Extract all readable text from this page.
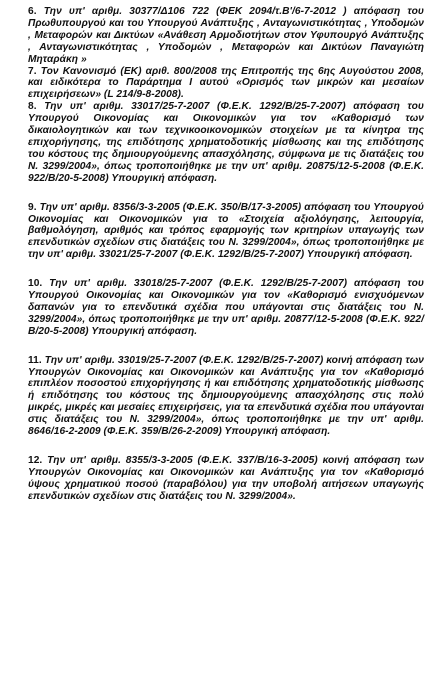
6. Την υπ' αριθμ. 30377/Δ106 722 (ΦΕΚ 2094/τ.Β'/6-7-2012 ) απόφαση του Πρωθυπουργού και του Υπουργού Ανάπτυξης , Ανταγωνιστικότητας , Υποδομών , Μεταφορών και Δικτύων «Ανάθεση Αρμοδιοτήτων στον Υφυπουργό Ανάπτυξης , Ανταγωνιστικότητας , Υποδομών , Μεταφορών και Δικτύων Παναγιώτη Μηταράκη »

7. Τον Κανονισμό (ΕΚ) αριθ. 800/2008 της Επιτροπής της 6ης Αυγούστου 2008, και ειδικότερα το Παράρτημα Ι αυτού «Ορισμός των μικρών και μεσαίων επιχειρήσεων» (L 214/9-8-2008).

8. Την υπ' αριθμ. 33017/25-7-2007 (Φ.Ε.Κ. 1292/Β/25-7-2007) απόφαση του Υπουργού Οικονομίας και Οικονομικών για τον «Καθορισμό των δικαιολογητικών και των τεχνικοοικονομικών στοιχείων με τα κίνητρα της επιχορήγησης, της επιδότησης χρηματοδοτικής μίσθωσης και της επιδότησης του κόστους της δημιουργούμενης απασχόλησης, σύμφωνα με τις διατάξεις του Ν. 3299/2004», όπως τροποποιήθηκε με την υπ' αριθμ. 20875/12-5-2008 (Φ.Ε.Κ. 922/Β/20-5-2008) Υπουργική απόφαση.

9. Την υπ' αριθμ. 8356/3-3-2005 (Φ.Ε.Κ. 350/Β/17-3-2005) απόφαση του Υπουργού Οικονομίας και Οικονομικών για το «Στοιχεία αξιολόγησης, λειτουργία, βαθμολόγηση, αριθμός και τρόπος εφαρμογής των κριτηρίων υπαγωγής των επενδυτικών σχεδίων στις διατάξεις του Ν. 3299/2004», όπως τροποποιήθηκε με την υπ' αριθμ. 33021/25-7-2007 (Φ.Ε.Κ. 1292/Β/25-7-2007) Υπουργική απόφαση.

10. Την υπ' αριθμ. 33018/25-7-2007 (Φ.Ε.Κ. 1292/Β/25-7-2007) απόφαση του Υπουργού Οικονομίας και Οικονομικών για τον «Καθορισμό ενισχυόμενων δαπανών για το επενδυτικά σχέδια που υπάγονται στις διατάξεις του Ν. 3299/2004», όπως τροποποιήθηκε με την υπ' αριθμ. 20877/12-5-2008 (Φ.Ε.Κ. 922/Β/20-5-2008) Υπουργική απόφαση.

11. Την υπ' αριθμ. 33019/25-7-2007 (Φ.Ε.Κ. 1292/Β/25-7-2007) κοινή απόφαση των Υπουργών Οικονομίας και Οικονομικών και Ανάπτυξης για τον «Καθορισμό επιπλέον ποσοστού επιχορήγησης ή και επιδότησης χρηματοδοτικής μίσθωσης ή επιδότησης του κόστους της δημιουργούμενης απασχόλησης στις πολύ μικρές, μικρές και μεσαίες επιχειρήσεις, για τα επενδυτικά σχέδια που υπάγονται στις διατάξεις του Ν. 3299/2004», όπως τροποποιήθηκε με την υπ' αριθμ. 8646/16-2-2009 (Φ.Ε.Κ. 359/Β/26-2-2009) Υπουργική απόφαση.

12. Την υπ' αριθμ. 8355/3-3-2005 (Φ.Ε.Κ. 337/Β/16-3-2005) κοινή απόφαση των Υπουργών Οικονομίας και Οικονομικών και Ανάπτυξης για τον «Καθορισμό ύψους χρηματικού ποσού (παραβόλου) για την υποβολή αιτήσεων υπαγωγής επενδυτικών σχεδίων στις διατάξεις του Ν. 3299/2004».
